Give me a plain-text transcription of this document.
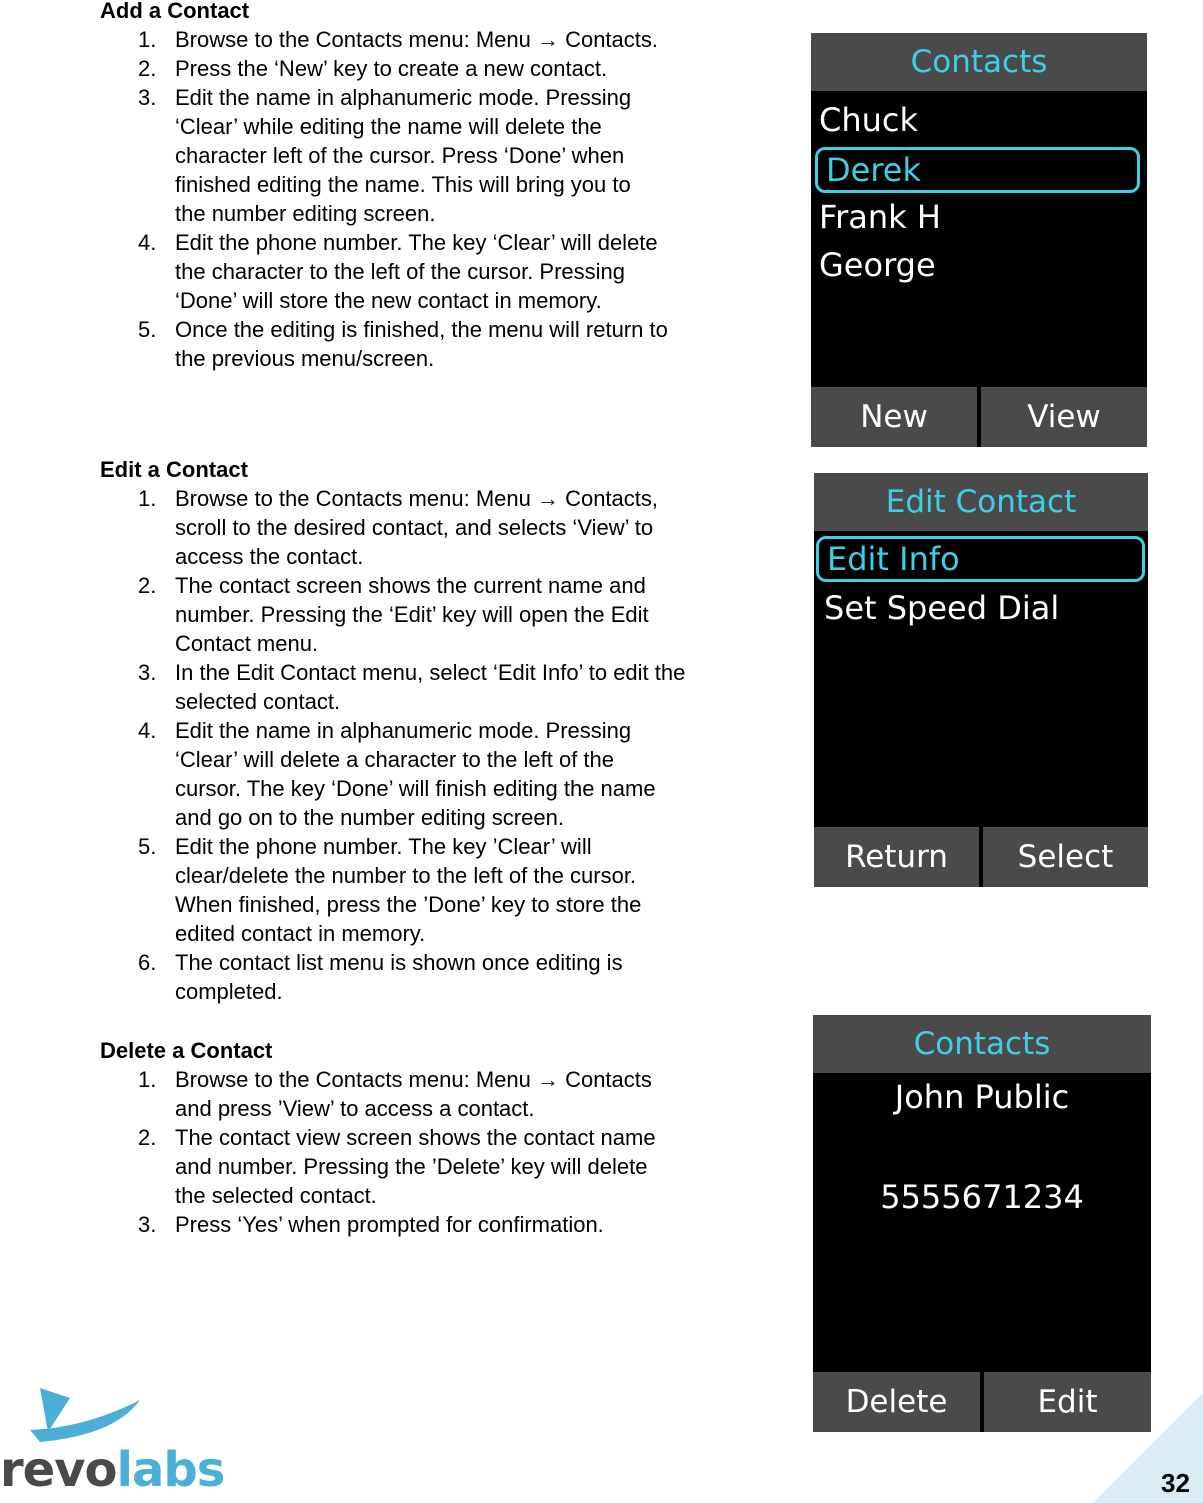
Add a Contact
1. Browse to the Contacts menu: Menu → Contacts.
2. Press the ‘New’ key to create a new contact.
3. Edit the name in alphanumeric mode. Pressing
‘Clear’ while editing the name will delete the
character left of the cursor. Press ‘Done’ when
finished editing the name. This will bring you to
the number editing screen.
4. Edit the phone number. The key ‘Clear’ will delete
the character to the left of the cursor. Pressing
‘Done’ will store the new contact in memory.
5. Once the editing is finished, the menu will return to
the previous menu/screen.
Edit a Contact
1. Browse to the Contacts menu: Menu → Contacts,
scroll to the desired contact, and selects ‘View’ to
access the contact.
2. The contact screen shows the current name and
number. Pressing the ‘Edit’ key will open the Edit
Contact menu.
3. In the Edit Contact menu, select ‘Edit Info’ to edit the
selected contact.
4. Edit the name in alphanumeric mode. Pressing
‘Clear’ will delete a character to the left of the
cursor. The key ‘Done’ will finish editing the name
and go on to the number editing screen.
5. Edit the phone number. The key ’Clear’ will
clear/delete the number to the left of the cursor.
When finished, press the ’Done’ key to store the
edited contact in memory.
6. The contact list menu is shown once editing is
completed.
Delete a Contact
1. Browse to the Contacts menu: Menu → Contacts
and press ’View’ to access a contact.
2. The contact view screen shows the contact name
and number. Pressing the ’Delete’ key will delete
the selected contact.
3. Press ‘Yes’ when prompted for confirmation.
Contacts
Chuck
Derek
Frank H
George
New	View
Edit Contact
Edit Info
Set Speed Dial
Return	Select
Contacts
John Public
5555671234
Delete	Edit
revolabs	32
